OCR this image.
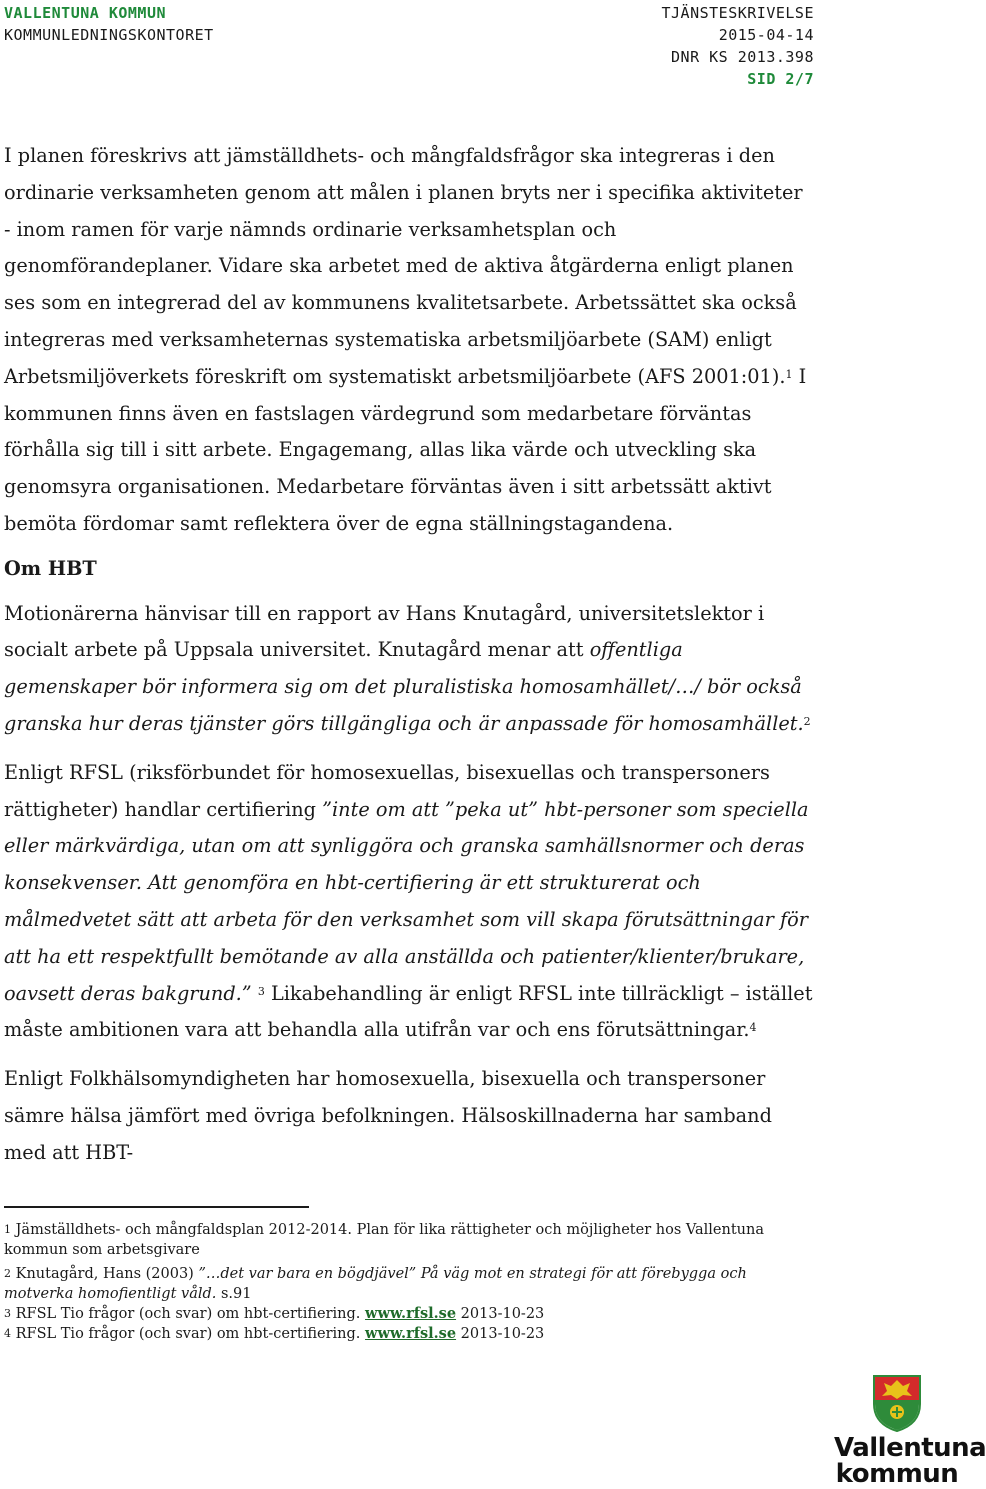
VALLENTUNA KOMMUN
KOMMUNLEDNINGSKONTORET
TJÄNSTESKRIVELSE
2015-04-14
DNR KS 2013.398
SID 2/7

I planen föreskrivs att jämställdhets- och mångfaldsfrågor ska integreras i den ordinarie verksamheten genom att målen i planen bryts ner i specifika aktiviteter - inom ramen för varje nämnds ordinarie verksamhetsplan och genomförandeplaner. Vidare ska arbetet med de aktiva åtgärderna enligt planen ses som en integrerad del av kommunens kvalitetsarbete. Arbetssättet ska också integreras med verksamheternas systematiska arbetsmiljöarbete (SAM) enligt Arbetsmiljöverkets föreskrift om systematiskt arbetsmiljöarbete (AFS 2001:01).$^1$ I kommunen finns även en fastslagen värdegrund som medarbetare förväntas förhålla sig till i sitt arbete. Engagemang, allas lika värde och utveckling ska genomsyra organisationen. Medarbetare förväntas även i sitt arbetssätt aktivt bemöta fördomar samt reflektera över de egna ställningstagandena.

Om HBT

Motionärerna hänvisar till en rapport av Hans Knutagård, universitetslektor i socialt arbete på Uppsala universitet. Knutagård menar att offentliga gemenskaper bör informera sig om det pluralistiska homosamhället/…/ bör också granska hur deras tjänster görs tillgängliga och är anpassade för homosamhället.$^2$

Enligt RFSL (riksförbundet för homosexuellas, bisexuellas och transpersoners rättigheter) handlar certifiering ”inte om att ”peka ut” hbt-personer som speciella eller märkvärdiga, utan om att synliggöra och granska samhällsnormer och deras konsekvenser. Att genomföra en hbt-certifiering är ett strukturerat och målmedvetet sätt att arbeta för den verksamhet som vill skapa förutsättningar för att ha ett respektfullt bemötande av alla anställda och patienter/klienter/brukare, oavsett deras bakgrund.” $^3$ Likabehandling är enligt RFSL inte tillräckligt – istället måste ambitionen vara att behandla alla utifrån var och ens förutsättningar.$^4$

Enligt Folkhälsomyndigheten har homosexuella, bisexuella och transpersoner sämre hälsa jämfört med övriga befolkningen. Hälsoskillnaderna har samband med att HBT-

$^1$ Jämställdhets- och mångfaldsplan 2012-2014. Plan för lika rättigheter och möjligheter hos Vallentuna kommun som arbetsgivare

$^2$ Knutagård, Hans (2003) ”…det var bara en bögdjävel” På väg mot en strategi för att förebygga och motverka homofientligt våld. s.91

$^3$ RFSL Tio frågor (och svar) om hbt-certifiering. www.rfsl.se 2013-10-23

$^4$ RFSL Tio frågor (och svar) om hbt-certifiering. www.rfsl.se 2013-10-23

Vallentuna
kommun
